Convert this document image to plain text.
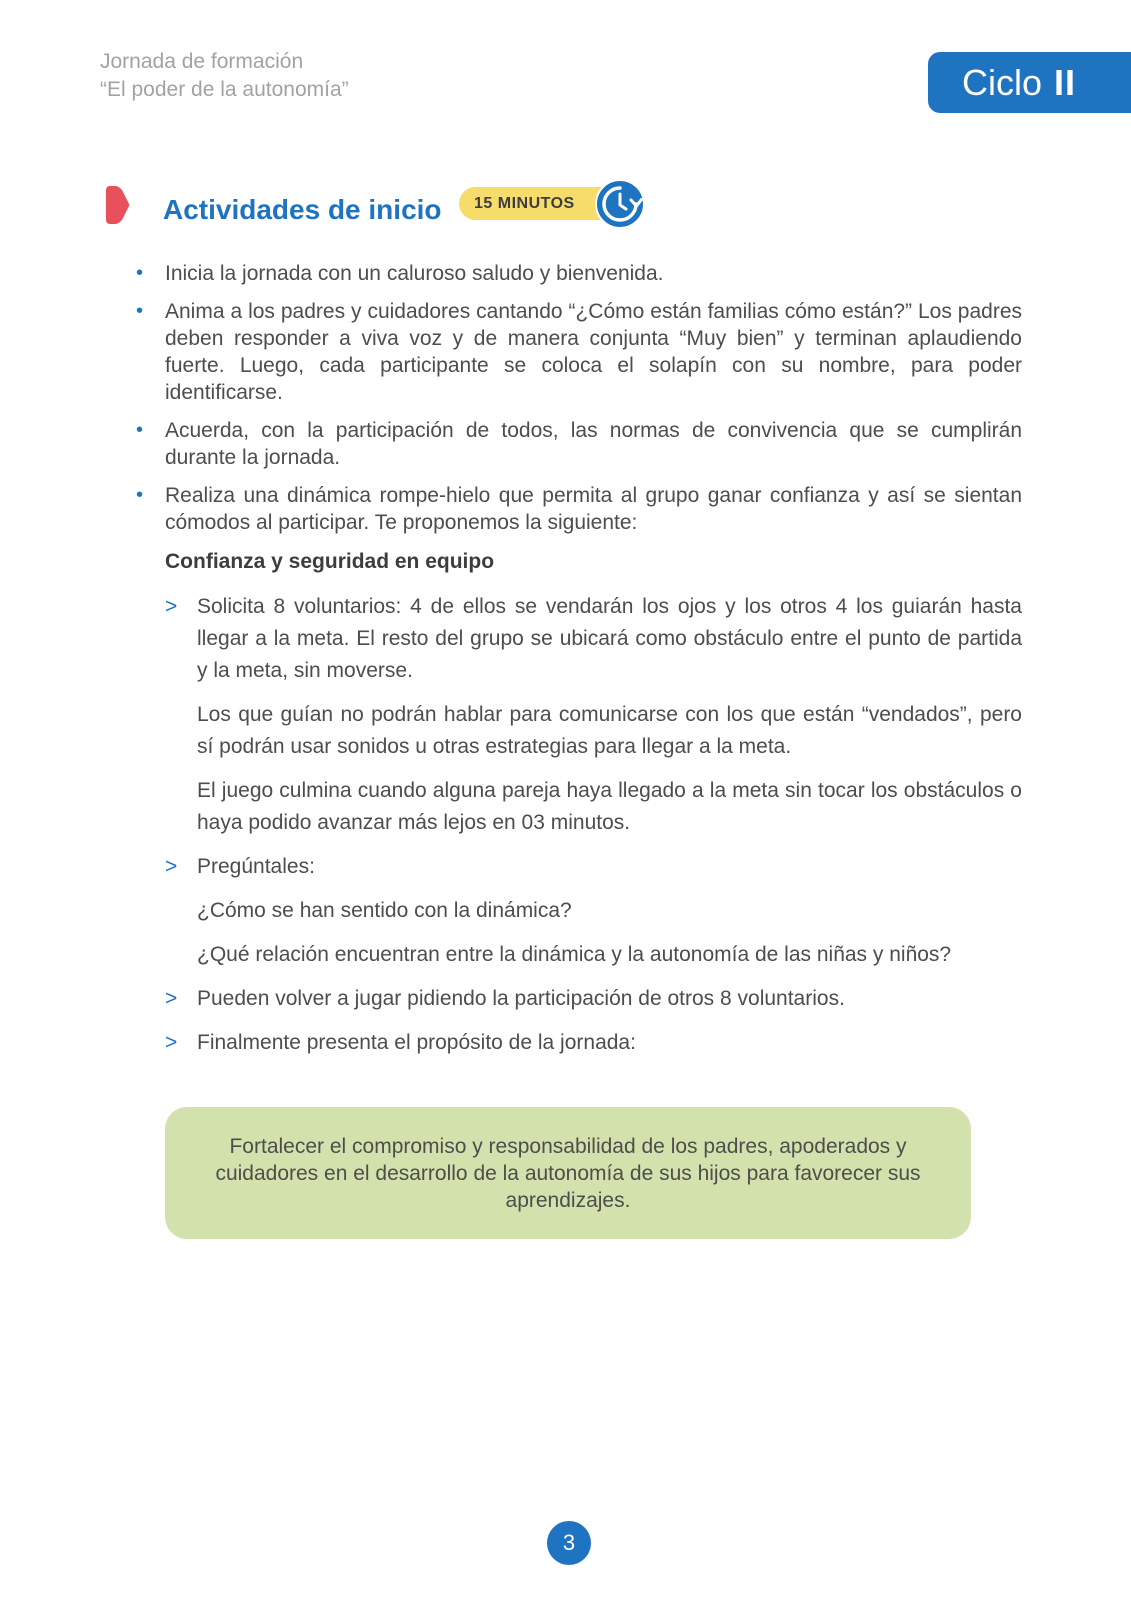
Jornada de formación
“El poder de la autonomía”	Ciclo II
Actividades de inicio	15 MINUTOS
• Inicia la jornada con un caluroso saludo y bienvenida.
• Anima a los padres y cuidadores cantando “¿Cómo están familias cómo están?” Los padres deben responder a viva voz y de manera conjunta “Muy bien” y terminan aplaudiendo fuerte. Luego, cada participante se coloca el solapín con su nombre, para poder identificarse.
• Acuerda, con la participación de todos, las normas de convivencia que se cumplirán durante la jornada.
• Realiza una dinámica rompe-hielo que permita al grupo ganar confianza y así se sientan cómodos al participar. Te proponemos la siguiente:
Confianza y seguridad en equipo
> Solicita 8 voluntarios: 4 de ellos se vendarán los ojos y los otros 4 los guiarán hasta llegar a la meta. El resto del grupo se ubicará como obstáculo entre el punto de partida y la meta, sin moverse.

Los que guían no podrán hablar para comunicarse con los que están “vendados”, pero sí podrán usar sonidos u otras estrategias para llegar a la meta.

El juego culmina cuando alguna pareja haya llegado a la meta sin tocar los obstáculos o haya podido avanzar más lejos en 03 minutos.

> Pregúntales:

¿Cómo se han sentido con la dinámica?

¿Qué relación encuentran entre la dinámica y la autonomía de las niñas y niños?

> Pueden volver a jugar pidiendo la participación de otros 8 voluntarios.

> Finalmente presenta el propósito de la jornada:

Fortalecer el compromiso y responsabilidad de los padres, apoderados y cuidadores en el desarrollo de la autonomía de sus hijos para favorecer sus aprendizajes.
3
